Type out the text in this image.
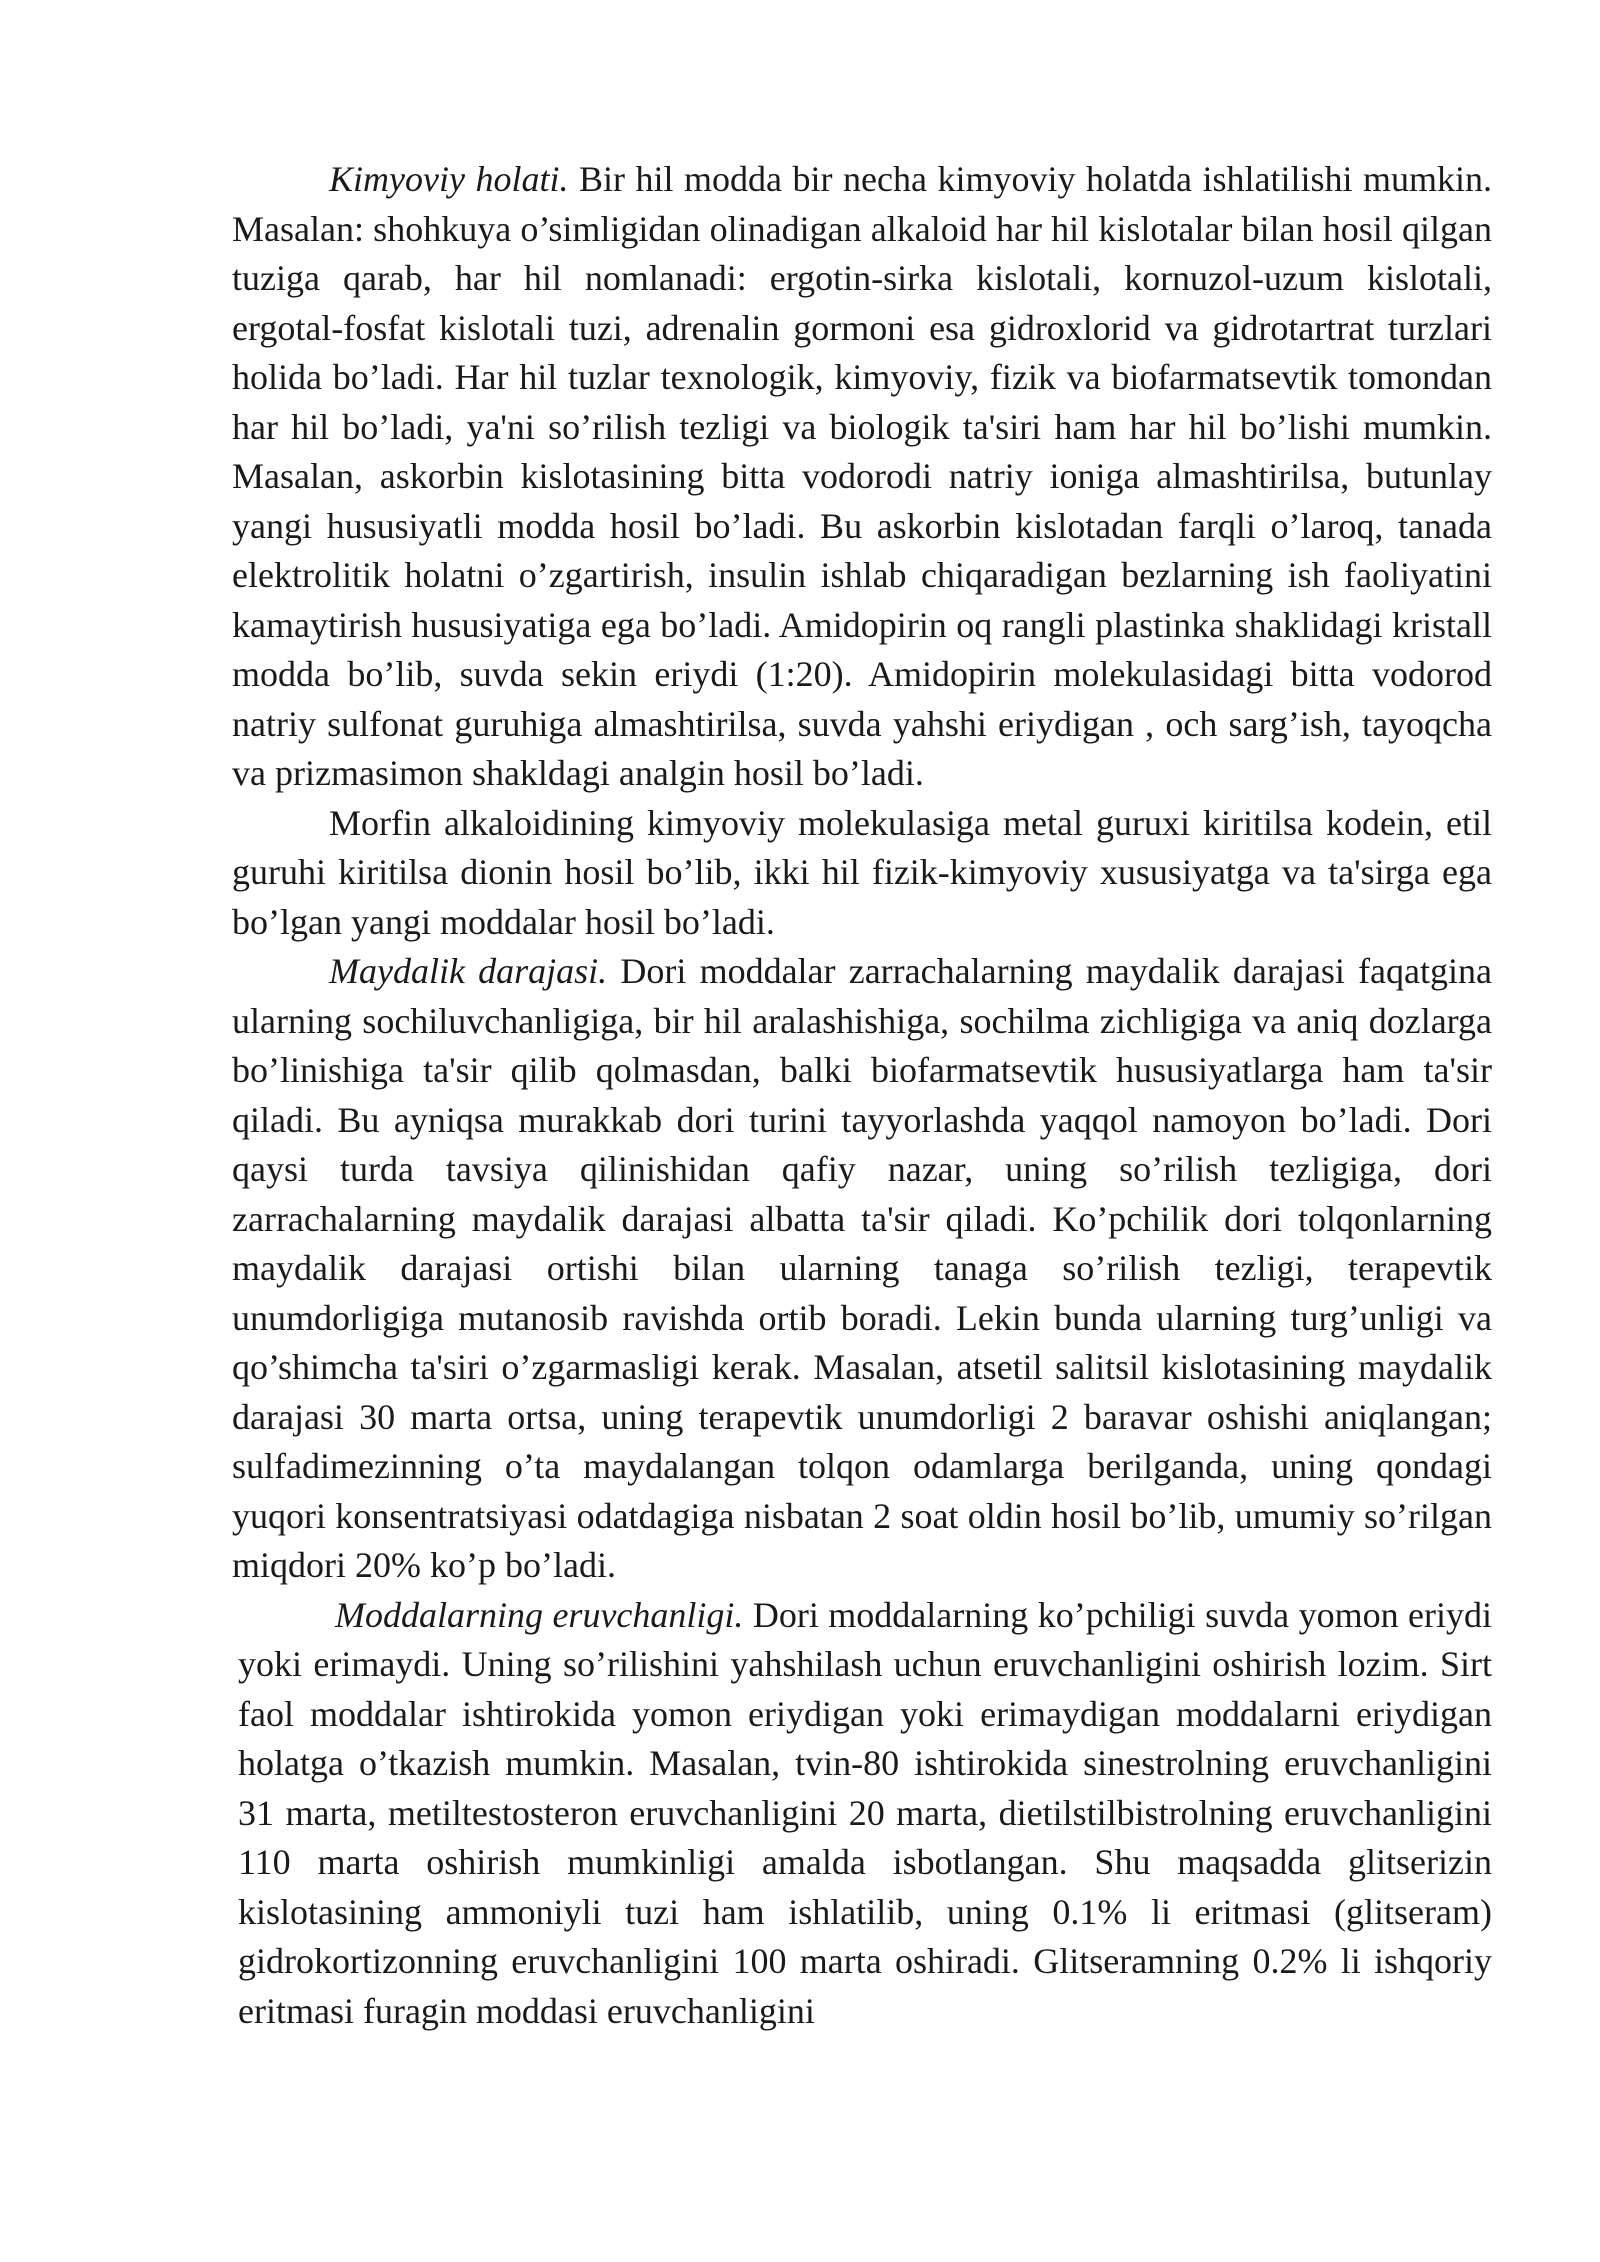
Kimyoviy holati. Bir hil modda bir necha kimyoviy holatda ishlatilishi mumkin. Masalan: shohkuya o’simligidan olinadigan alkaloid har hil kislotalar bilan hosil qilgan tuziga qarab, har hil nomlanadi: ergotin-sirka kislotali, kornuzol-uzum kislotali, ergotal-fosfat kislotali tuzi, adrenalin gormoni esa gidroxlorid va gidrotartrat turzlari holida bo’ladi. Har hil tuzlar texnologik, kimyoviy, fizik va biofarmatsevtik tomondan har hil bo’ladi, ya'ni so’rilish tezligi va biologik ta'siri ham har hil bo’lishi mumkin. Masalan, askorbin kislotasining bitta vodorodi natriy ioniga almashtirilsa, butunlay yangi hususiyatli modda hosil bo’ladi. Bu askorbin kislotadan farqli o’laroq, tanada elektrolitik holatni o’zgartirish, insulin ishlab chiqaradigan bezlarning ish faoliyatini kamaytirish hususiyatiga ega bo’ladi. Amidopirin oq rangli plastinka shaklidagi kristall modda bo’lib, suvda sekin eriydi (1:20). Amidopirin molekulasidagi bitta vodorod natriy sulfonat guruhiga almashtirilsa, suvda yahshi eriydigan , och sarg’ish, tayoqcha va prizmasimon shakldagi analgin hosil bo’ladi.

Morfin alkaloidining kimyoviy molekulasiga metal guruxi kiritilsa kodein, etil guruhi kiritilsa dionin hosil bo’lib, ikki hil fizik-kimyoviy xususiyatga va ta'sirga ega bo’lgan yangi moddalar hosil bo’ladi.

Maydalik darajasi. Dori moddalar zarrachalarning maydalik darajasi faqatgina ularning sochiluvchanligiga, bir hil aralashishiga, sochilma zichligiga va aniq dozlarga bo’linishiga ta'sir qilib qolmasdan, balki biofarmatsevtik hususiyatlarga ham ta'sir qiladi. Bu ayniqsa murakkab dori turini tayyorlashda yaqqol namoyon bo’ladi. Dori qaysi turda tavsiya qilinishidan qafiy nazar, uning so’rilish tezligiga, dori zarrachalarning maydalik darajasi albatta ta'sir qiladi. Ko’pchilik dori tolqonlarning maydalik darajasi ortishi bilan ularning tanaga so’rilish tezligi, terapevtik unumdorligiga mutanosib ravishda ortib boradi. Lekin bunda ularning turg’unligi va qo’shimcha ta'siri o’zgarmasligi kerak. Masalan, atsetil salitsil kislotasining maydalik darajasi 30 marta ortsa, uning terapevtik unumdorligi 2 baravar oshishi aniqlangan; sulfadimezinning o’ta maydalangan tolqon odamlarga berilganda, uning qondagi yuqori konsentratsiyasi odatdagiga nisbatan 2 soat oldin hosil bo’lib, umumiy so’rilgan miqdori 20% ko’p bo’ladi.

Moddalarning eruvchanligi. Dori moddalarning ko’pchiligi suvda yomon eriydi yoki erimaydi. Uning so’rilishini yahshilash uchun eruvchanligini oshirish lozim. Sirt faol moddalar ishtirokida yomon eriydigan yoki erimaydigan moddalarni eriydigan holatga o’tkazish mumkin. Masalan, tvin-80 ishtirokida sinestrolning eruvchanligini 31 marta, metiltestosteron eruvchanligini 20 marta, dietilstilbistrolning eruvchanligini 110 marta oshirish mumkinligi amalda isbotlangan. Shu maqsadda glitserizin kislotasining ammoniyli tuzi ham ishlatilib, uning 0.1% li eritmasi (glitseram) gidrokortizonning eruvchanligini 100 marta oshiradi. Glitseramning 0.2% li ishqoriy eritmasi furagin moddasi eruvchanligini
